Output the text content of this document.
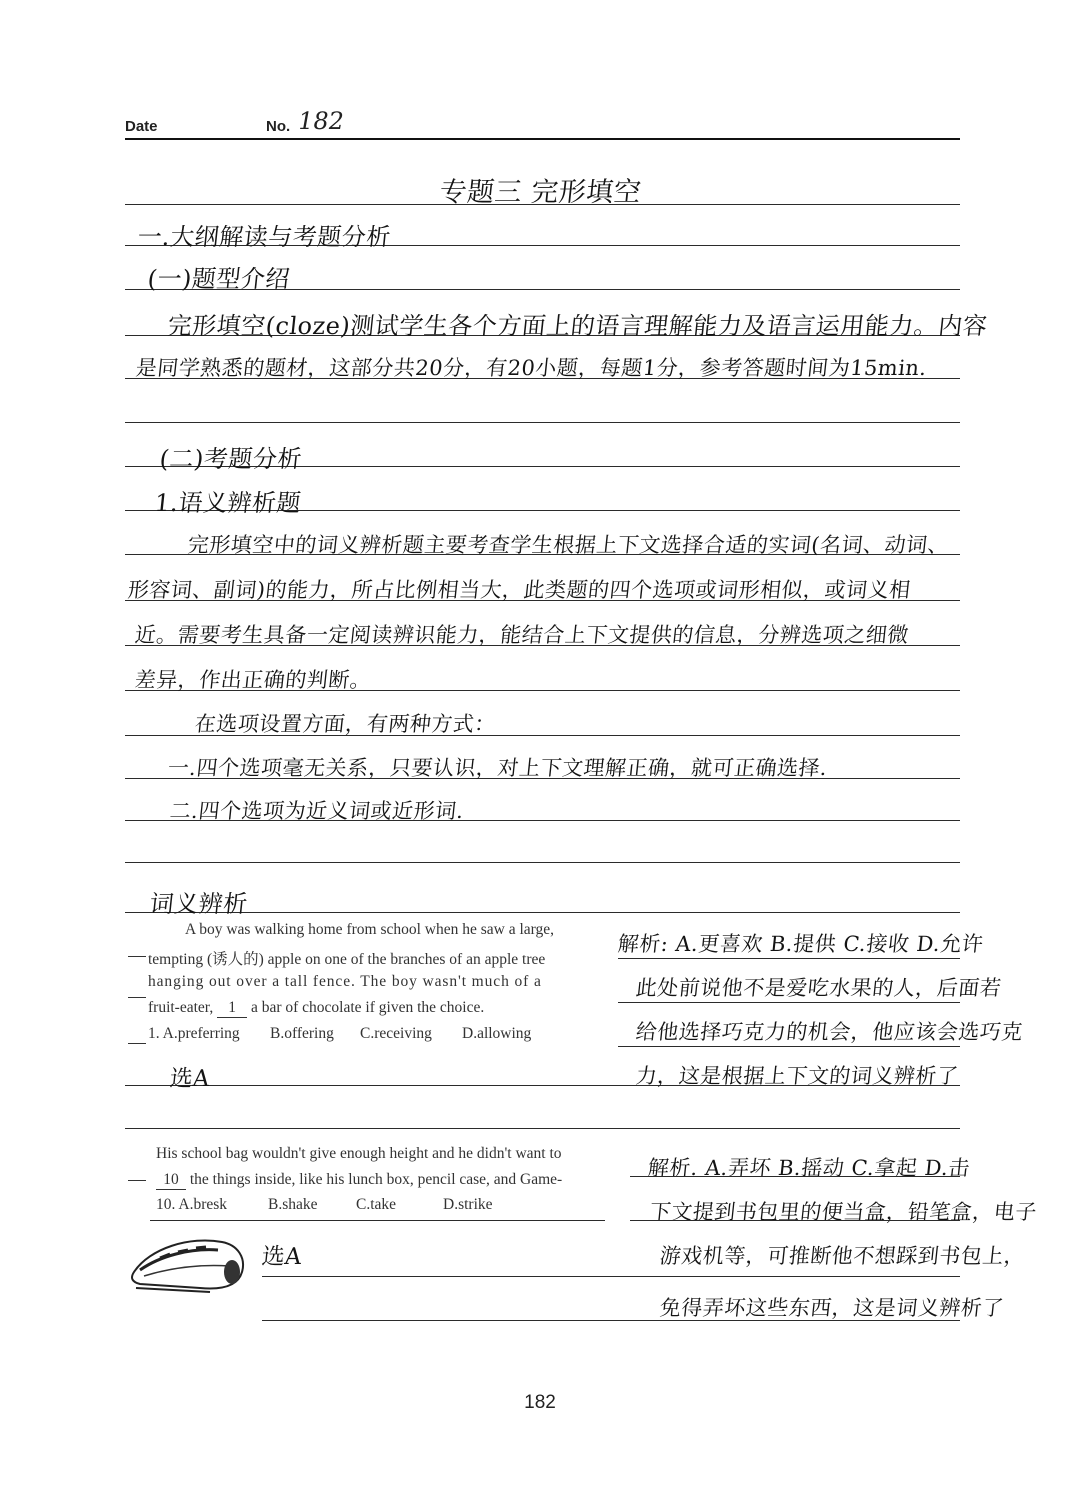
Date	No. 182
专题三 完形填空
一.大纲解读与考题分析
(一)题型介绍
完形填空(cloze)测试学生各个方面上的语言理解能力及语言运用能力。内容
是同学熟悉的题材，这部分共20分，有20小题，每题1分，参考答题时间为15min.
(二)考题分析
1.语义辨析题
完形填空中的词义辨析题主要考查学生根据上下文选择合适的实词(名词、动词、
形容词、副词)的能力，所占比例相当大，此类题的四个选项或词形相似，或词义相
近。需要考生具备一定阅读辨识能力，能结合上下文提供的信息，分辨选项之细微
差异，作出正确的判断。
在选项设置方面，有两种方式：
一.四个选项毫无关系，只要认识，对上下文理解正确，就可正确选择.
二.四个选项为近义词或近形词.
词义辨析
A boy was walking home from school when he saw a large,
tempting (诱人的) apple on one of the branches of an apple tree
hanging out over a tall fence. The boy wasn't much of a
fruit-eater, 1 a bar of chocolate if given the choice.
1. A.preferring B.offering C.receiving D.allowing
选A
解析: A.更喜欢 B.提供 C.接收 D.允许
此处前说他不是爱吃水果的人，后面若
给他选择巧克力的机会，他应该会选巧克
力，这是根据上下文的词义辨析了
His school bag wouldn't give enough height and he didn't want to
10 the things inside, like his lunch box, pencil case, and Game-
10. A.bresk	B.shake C.take	D.strike
选A
解析. A.弄坏 B.摇动 C.拿起 D.击
下文提到书包里的便当盒，铅笔盒，电子
游戏机等，可推断他不想踩到书包上，
免得弄坏这些东西，这是词义辨析了
182
